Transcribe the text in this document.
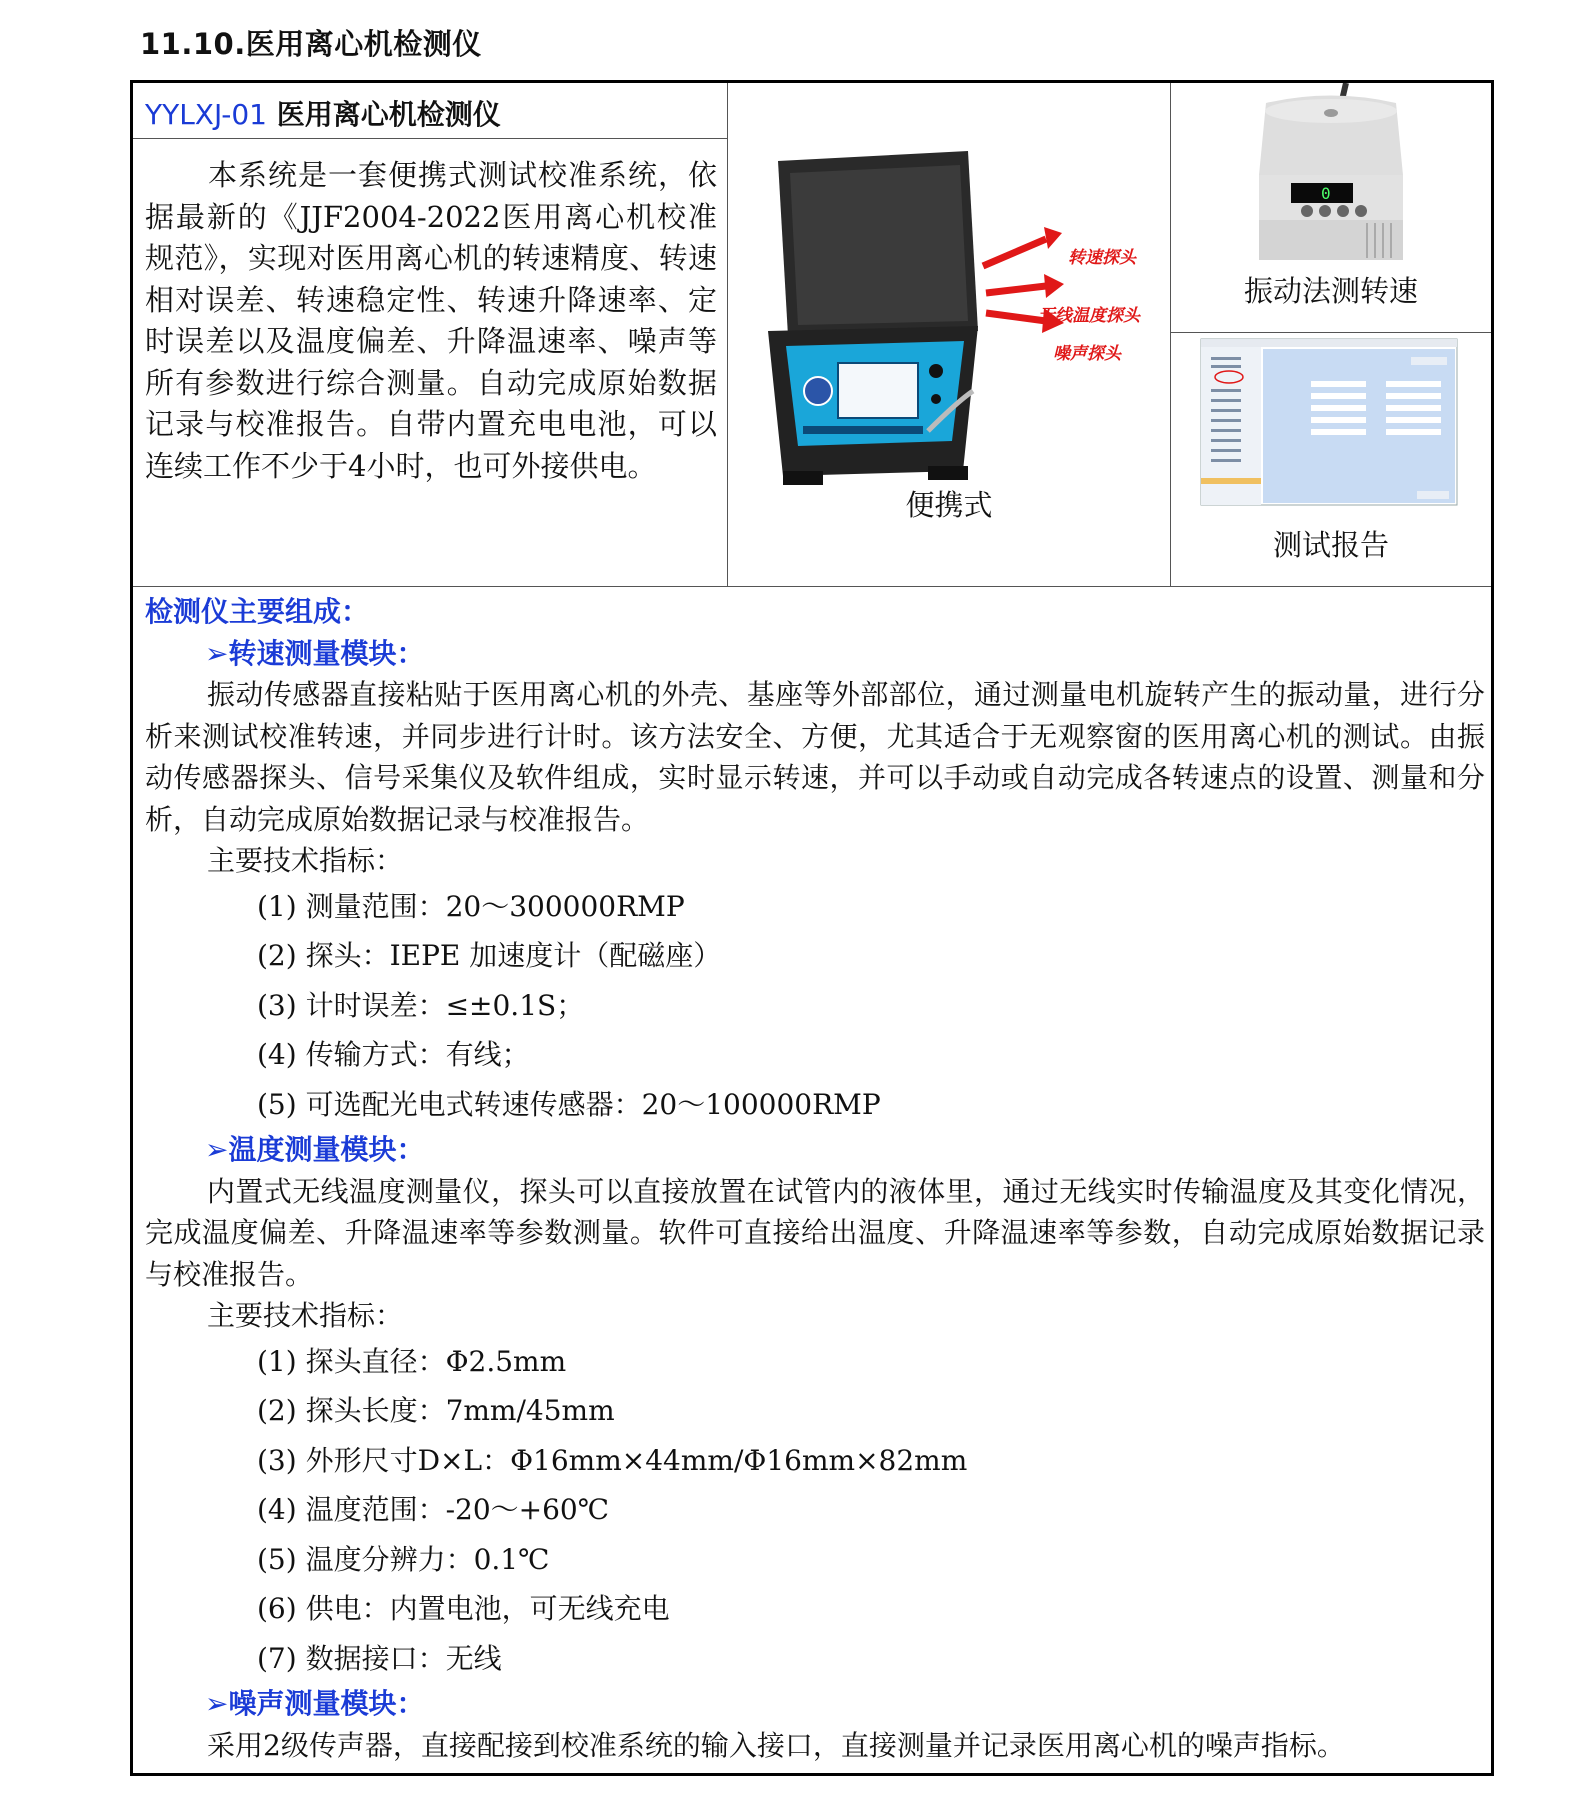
11.10.医用离心机检测仪
YYLXJ-01 医用离心机检测仪
本系统是一套便携式测试校准系统，依据最新的《JJF2004-2022医用离心机校准规范》，实现对医用离心机的转速精度、转速相对误差、转速稳定性、转速升降速率、定时误差以及温度偏差、升降温速率、噪声等所有参数进行综合测量。自动完成原始数据记录与校准报告。自带内置充电电池，可以连续工作不少于4小时，也可外接供电。
转速探头
无线温度探头
噪声探头
便携式
0
振动法测转速
测试报告
检测仪主要组成：
➢转速测量模块：
振动传感器直接粘贴于医用离心机的外壳、基座等外部部位，通过测量电机旋转产生的振动量，进行分析来测试校准转速，并同步进行计时。该方法安全、方便，尤其适合于无观察窗的医用离心机的测试。由振动传感器探头、信号采集仪及软件组成，实时显示转速，并可以手动或自动完成各转速点的设置、测量和分析，自动完成原始数据记录与校准报告。
主要技术指标：
(1) 测量范围：20～300000RMP
(2) 探头：IEPE 加速度计（配磁座）
(3) 计时误差：≤±0.1S；
(4) 传输方式：有线；
(5) 可选配光电式转速传感器：20～100000RMP
➢温度测量模块：
内置式无线温度测量仪，探头可以直接放置在试管内的液体里，通过无线实时传输温度及其变化情况，完成温度偏差、升降温速率等参数测量。软件可直接给出温度、升降温速率等参数，自动完成原始数据记录与校准报告。
主要技术指标：
(1) 探头直径：Φ2.5mm
(2) 探头长度：7mm/45mm
(3) 外形尺寸D×L：Φ16mm×44mm/Φ16mm×82mm
(4) 温度范围：-20～+60℃
(5) 温度分辨力：0.1℃
(6) 供电：内置电池，可无线充电
(7) 数据接口：无线
➢噪声测量模块：
采用2级传声器，直接配接到校准系统的输入接口，直接测量并记录医用离心机的噪声指标。
